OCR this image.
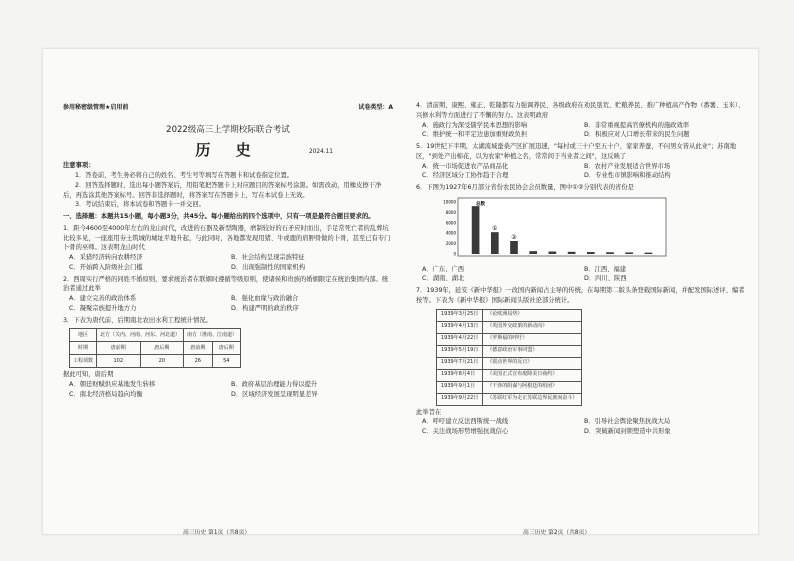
参用秘密级管理★启用前	试卷类型：A
2022级高三上学期校际联合考试
历 史	2024.11

注意事项：

1．答卷前，考生务必将自己的姓名、考生号等填写在答题卡和试卷指定位置。

2．回答选择题时，选出每小题答案后，用铅笔把答题卡上对应题目的答案标号涂黑。如需改动，用橡皮擦干净后，再选涂其他答案标号。回答非选择题时，将答案写在答题卡上，写在本试卷上无效。

3．考试结束后，将本试卷和答题卡一并交回。

一、选择题：本题共15小题，每小题3分，共45分。每小题给出的四个选项中，只有一项是最符合题目要求的。

1．距今4600至4000年左右的龙山时代，改进的石器及新型陶器，磨制较好的石矛应时而出，手足常死亡者的乱葬坑比较多见，一座座用夯土筑城的城址平地升起，与此同时，各地都发现用猪、牛或鹿的肩胛骨做的卜骨，甚至已有专门卜骨的巫师。这表明龙山时代

A．采猎经济转向农耕经济	B．社会结构呈现宗族特征
C．开始跨入阶级社会门槛	D．出现强制性的国家机构

2．西周实行严格的同姓不婚原则，要求统治者在联姻时遵循等级原则，使诸侯和贵族的婚姻限定在统治集团内部。统治者通过此举

A．建立完善的政治体系	B．强化血缘与政治融合
C．凝聚宗族提升地方力	D．构建严明的政治秩序

3．下表为唐代前、后期南北农田水利工程统计情况。

地区	北方（关内、河南、河东、河北道）		南方（淮南、江南道）	
时期	唐前期	唐后期	唐前期	唐后期
工程项数	102	20	26	54

据此可知，唐后期

A．朝廷财赋供应基地发生转移	B．政府基层治理能力得以提升
C．南北经济格局趋向均衡	D．区域经济发展呈现明显差异
高三历史 第1页（共8页）

4．清前期，康熙、雍正、乾隆都有力强调养民、各级政府在劝民垦荒、贮粮养民、推广种植高产作物（番薯、玉米）、兴修水利等方面进行了不懈的努力。这表明政府

A．施政行为深受儒学民本思想的影响	B．非常重视提高官僚机构的施政效率
C．维护统一和平定边患加重财政负担	D．积极应对人口增长带来的民生问题

5．19世纪下半期，太湖流域蚕桑产区扩展迅速，"每村或三十户至五十户，家家养蚕，不问男女皆从此业"；苏南地区，"到处产出棉花，以为农家"种植之名，常常间于当业者之间"，这反映了

A．统一市场促进农产品商品化	B．农村产业发展适合世界市场
C．经济区域分工协作趋于合理	D．专业性市镇影响和推动结构

6．下图为1927年6月部分省份农民协会会员数量，图中①②分别代表的省份是

10000
8000
6000
4000
2000
0
①
②
总数
A．广东、广西	B．江西、福建
C．湖南、湖北	D．四川、陕西

7．1939年，延安《新中华报》一改国内新闻占主导的传统，在每期第二版头条登载国际新闻，并配发国际述评、编者按等。下表为《新中华报》国际新闻头版社论部分统计。

1939年3月25日	《论欧洲局势》
1939年4月13日	《英国外交政策的新动向》
1939年4月22日	《罗斯福的呼吁》
1939年5月19日	《德意政治军事同盟》
1939年7月21日	《震动世界的反日》
1939年8月4日	《美国正式宣布废除美日商约》
1939年9月1日	《干涉的阴谋与阿根廷的组团》
1939年9月22日	《苏联红军为走正苏联边界民族而奋斗》

此举旨在

A．呼吁建立反法西斯统一战线	B．引导社会舆论聚焦抗战大局
C．关注战场形势增强抗战信心	D．突破新闻封锁塑造中共形象
高三历史 第2页（共8页）
